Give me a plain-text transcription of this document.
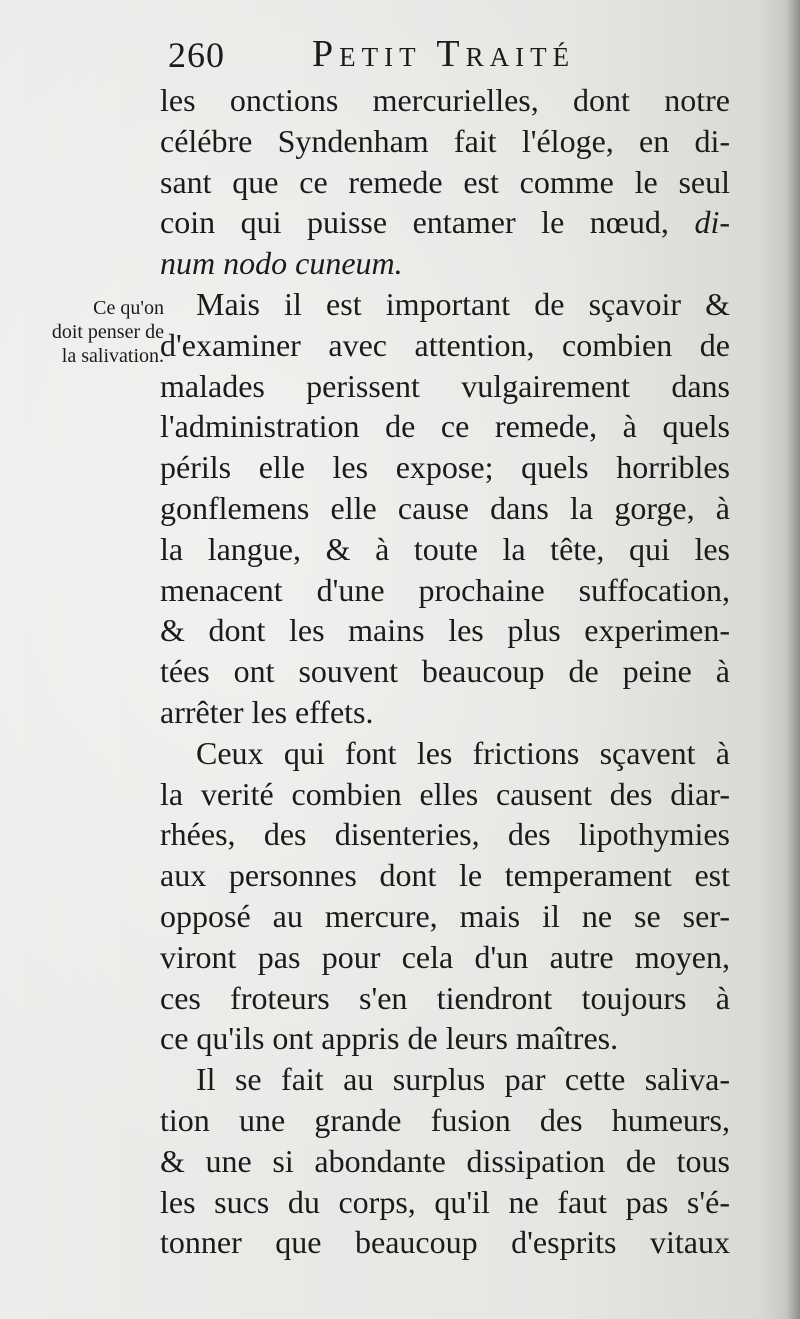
260 Petit Traité
Ce qu'on
doit penser de
la salivation.
les onctions mercurielles, dont notre
célébre Syndenham fait l'éloge, en di-
sant que ce remede est comme le seul
coin qui puisse entamer le nœud, di-
num nodo cuneum.
Mais il est important de sçavoir &
d'examiner avec attention, combien de
malades perissent vulgairement dans
l'administration de ce remede, à quels
périls elle les expose; quels horribles
gonflemens elle cause dans la gorge, à
la langue, & à toute la tête, qui les
menacent d'une prochaine suffocation,
& dont les mains les plus experimen-
tées ont souvent beaucoup de peine à
arrêter les effets.
Ceux qui font les frictions sçavent à
la verité combien elles causent des diar-
rhées, des disenteries, des lipothymies
aux personnes dont le temperament est
opposé au mercure, mais il ne se ser-
viront pas pour cela d'un autre moyen,
ces froteurs s'en tiendront toujours à
ce qu'ils ont appris de leurs maîtres.
Il se fait au surplus par cette saliva-
tion une grande fusion des humeurs,
& une si abondante dissipation de tous
les sucs du corps, qu'il ne faut pas s'é-
tonner que beaucoup d'esprits vitaux
